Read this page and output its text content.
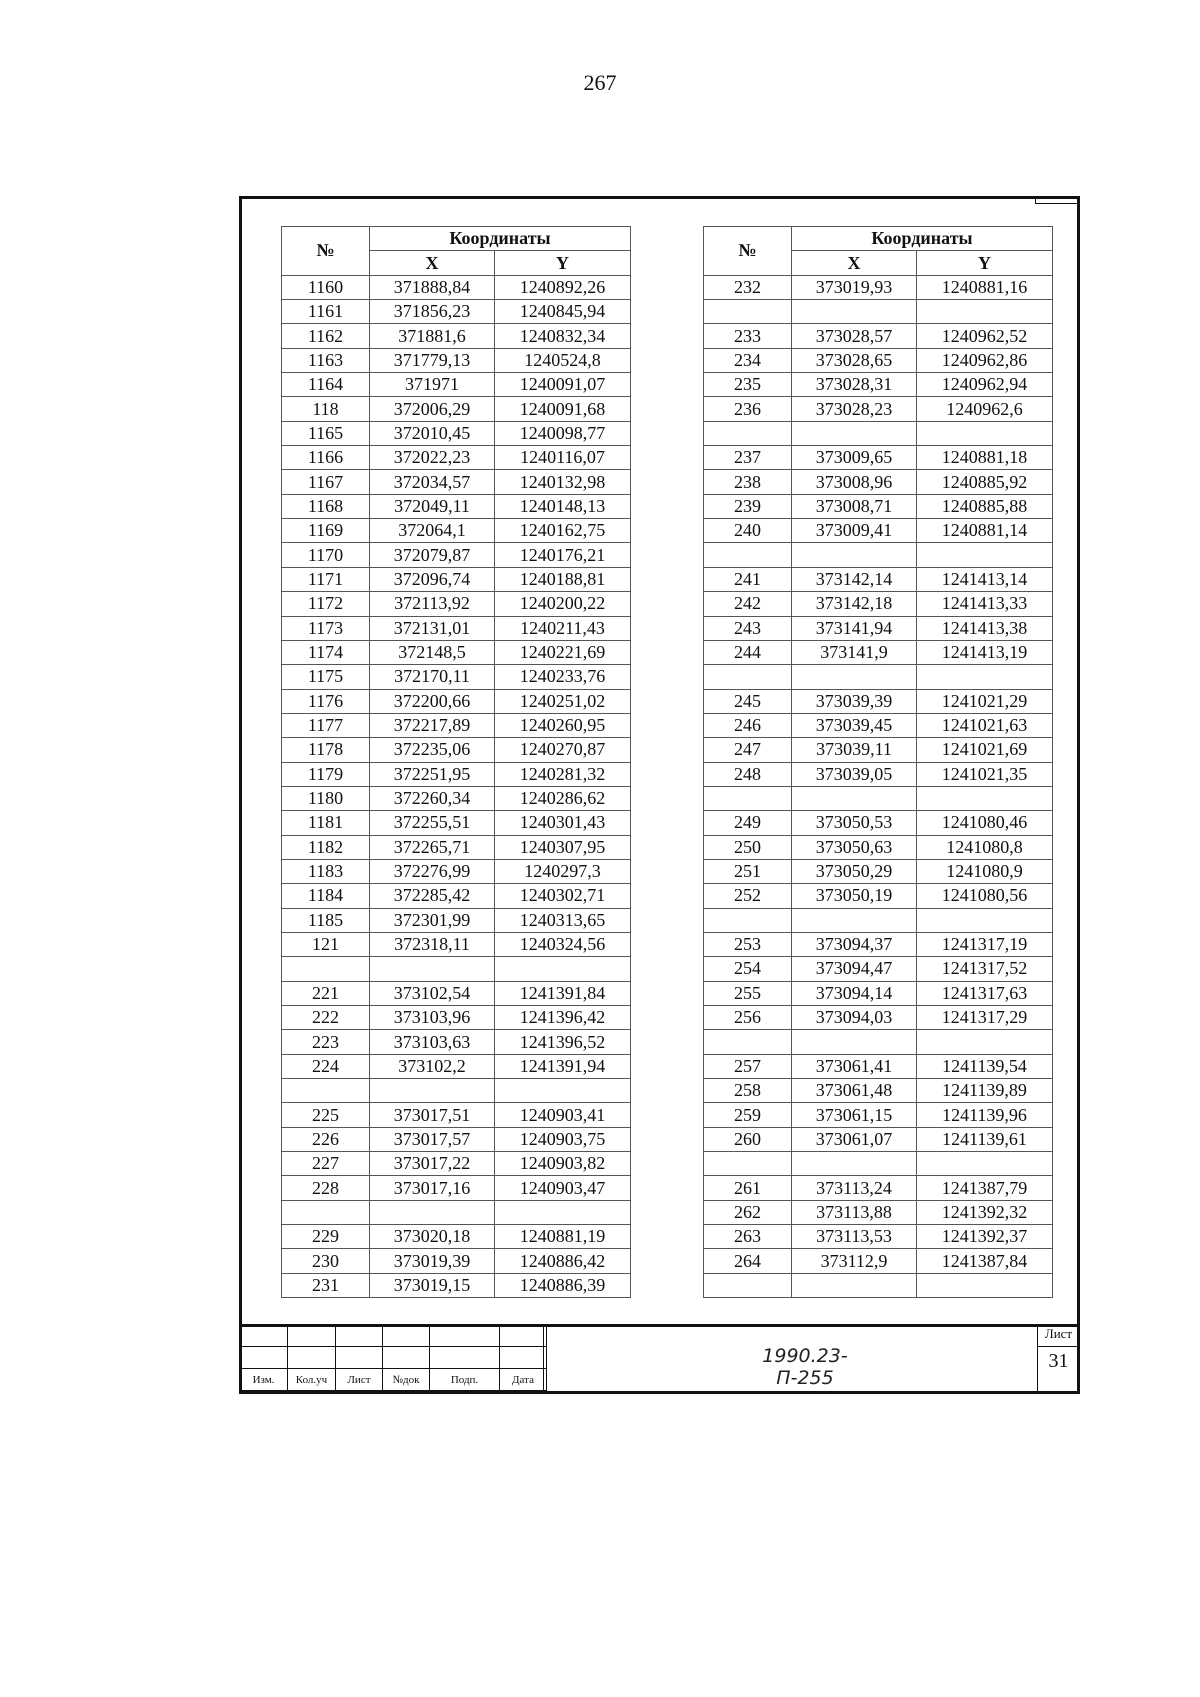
267
№	Координаты	
	X	Y
1160	371888,84	1240892,26
1161	371856,23	1240845,94
1162	371881,6	1240832,34
1163	371779,13	1240524,8
1164	371971	1240091,07
118	372006,29	1240091,68
1165	372010,45	1240098,77
1166	372022,23	1240116,07
1167	372034,57	1240132,98
1168	372049,11	1240148,13
1169	372064,1	1240162,75
1170	372079,87	1240176,21
1171	372096,74	1240188,81
1172	372113,92	1240200,22
1173	372131,01	1240211,43
1174	372148,5	1240221,69
1175	372170,11	1240233,76
1176	372200,66	1240251,02
1177	372217,89	1240260,95
1178	372235,06	1240270,87
1179	372251,95	1240281,32
1180	372260,34	1240286,62
1181	372255,51	1240301,43
1182	372265,71	1240307,95
1183	372276,99	1240297,3
1184	372285,42	1240302,71
1185	372301,99	1240313,65
121	372318,11	1240324,56

221	373102,54	1241391,84
222	373103,96	1241396,42
223	373103,63	1241396,52
224	373102,2	1241391,94

225	373017,51	1240903,41
226	373017,57	1240903,75
227	373017,22	1240903,82
228	373017,16	1240903,47

229	373020,18	1240881,19
230	373019,39	1240886,42
231	373019,15	1240886,39
№	Координаты	
	X	Y
232	373019,93	1240881,16

233	373028,57	1240962,52
234	373028,65	1240962,86
235	373028,31	1240962,94
236	373028,23	1240962,6

237	373009,65	1240881,18
238	373008,96	1240885,92
239	373008,71	1240885,88
240	373009,41	1240881,14

241	373142,14	1241413,14
242	373142,18	1241413,33
243	373141,94	1241413,38
244	373141,9	1241413,19

245	373039,39	1241021,29
246	373039,45	1241021,63
247	373039,11	1241021,69
248	373039,05	1241021,35

249	373050,53	1241080,46
250	373050,63	1241080,8
251	373050,29	1241080,9
252	373050,19	1241080,56

253	373094,37	1241317,19
254	373094,47	1241317,52
255	373094,14	1241317,63
256	373094,03	1241317,29

257	373061,41	1241139,54
258	373061,48	1241139,89
259	373061,15	1241139,96
260	373061,07	1241139,61

261	373113,24	1241387,79
262	373113,88	1241392,32
263	373113,53	1241392,37
264	373112,9	1241387,84

Изм.	Кол.уч	Лист	№док	Подп.	Дата
1990.23-П-255
Лист
31
